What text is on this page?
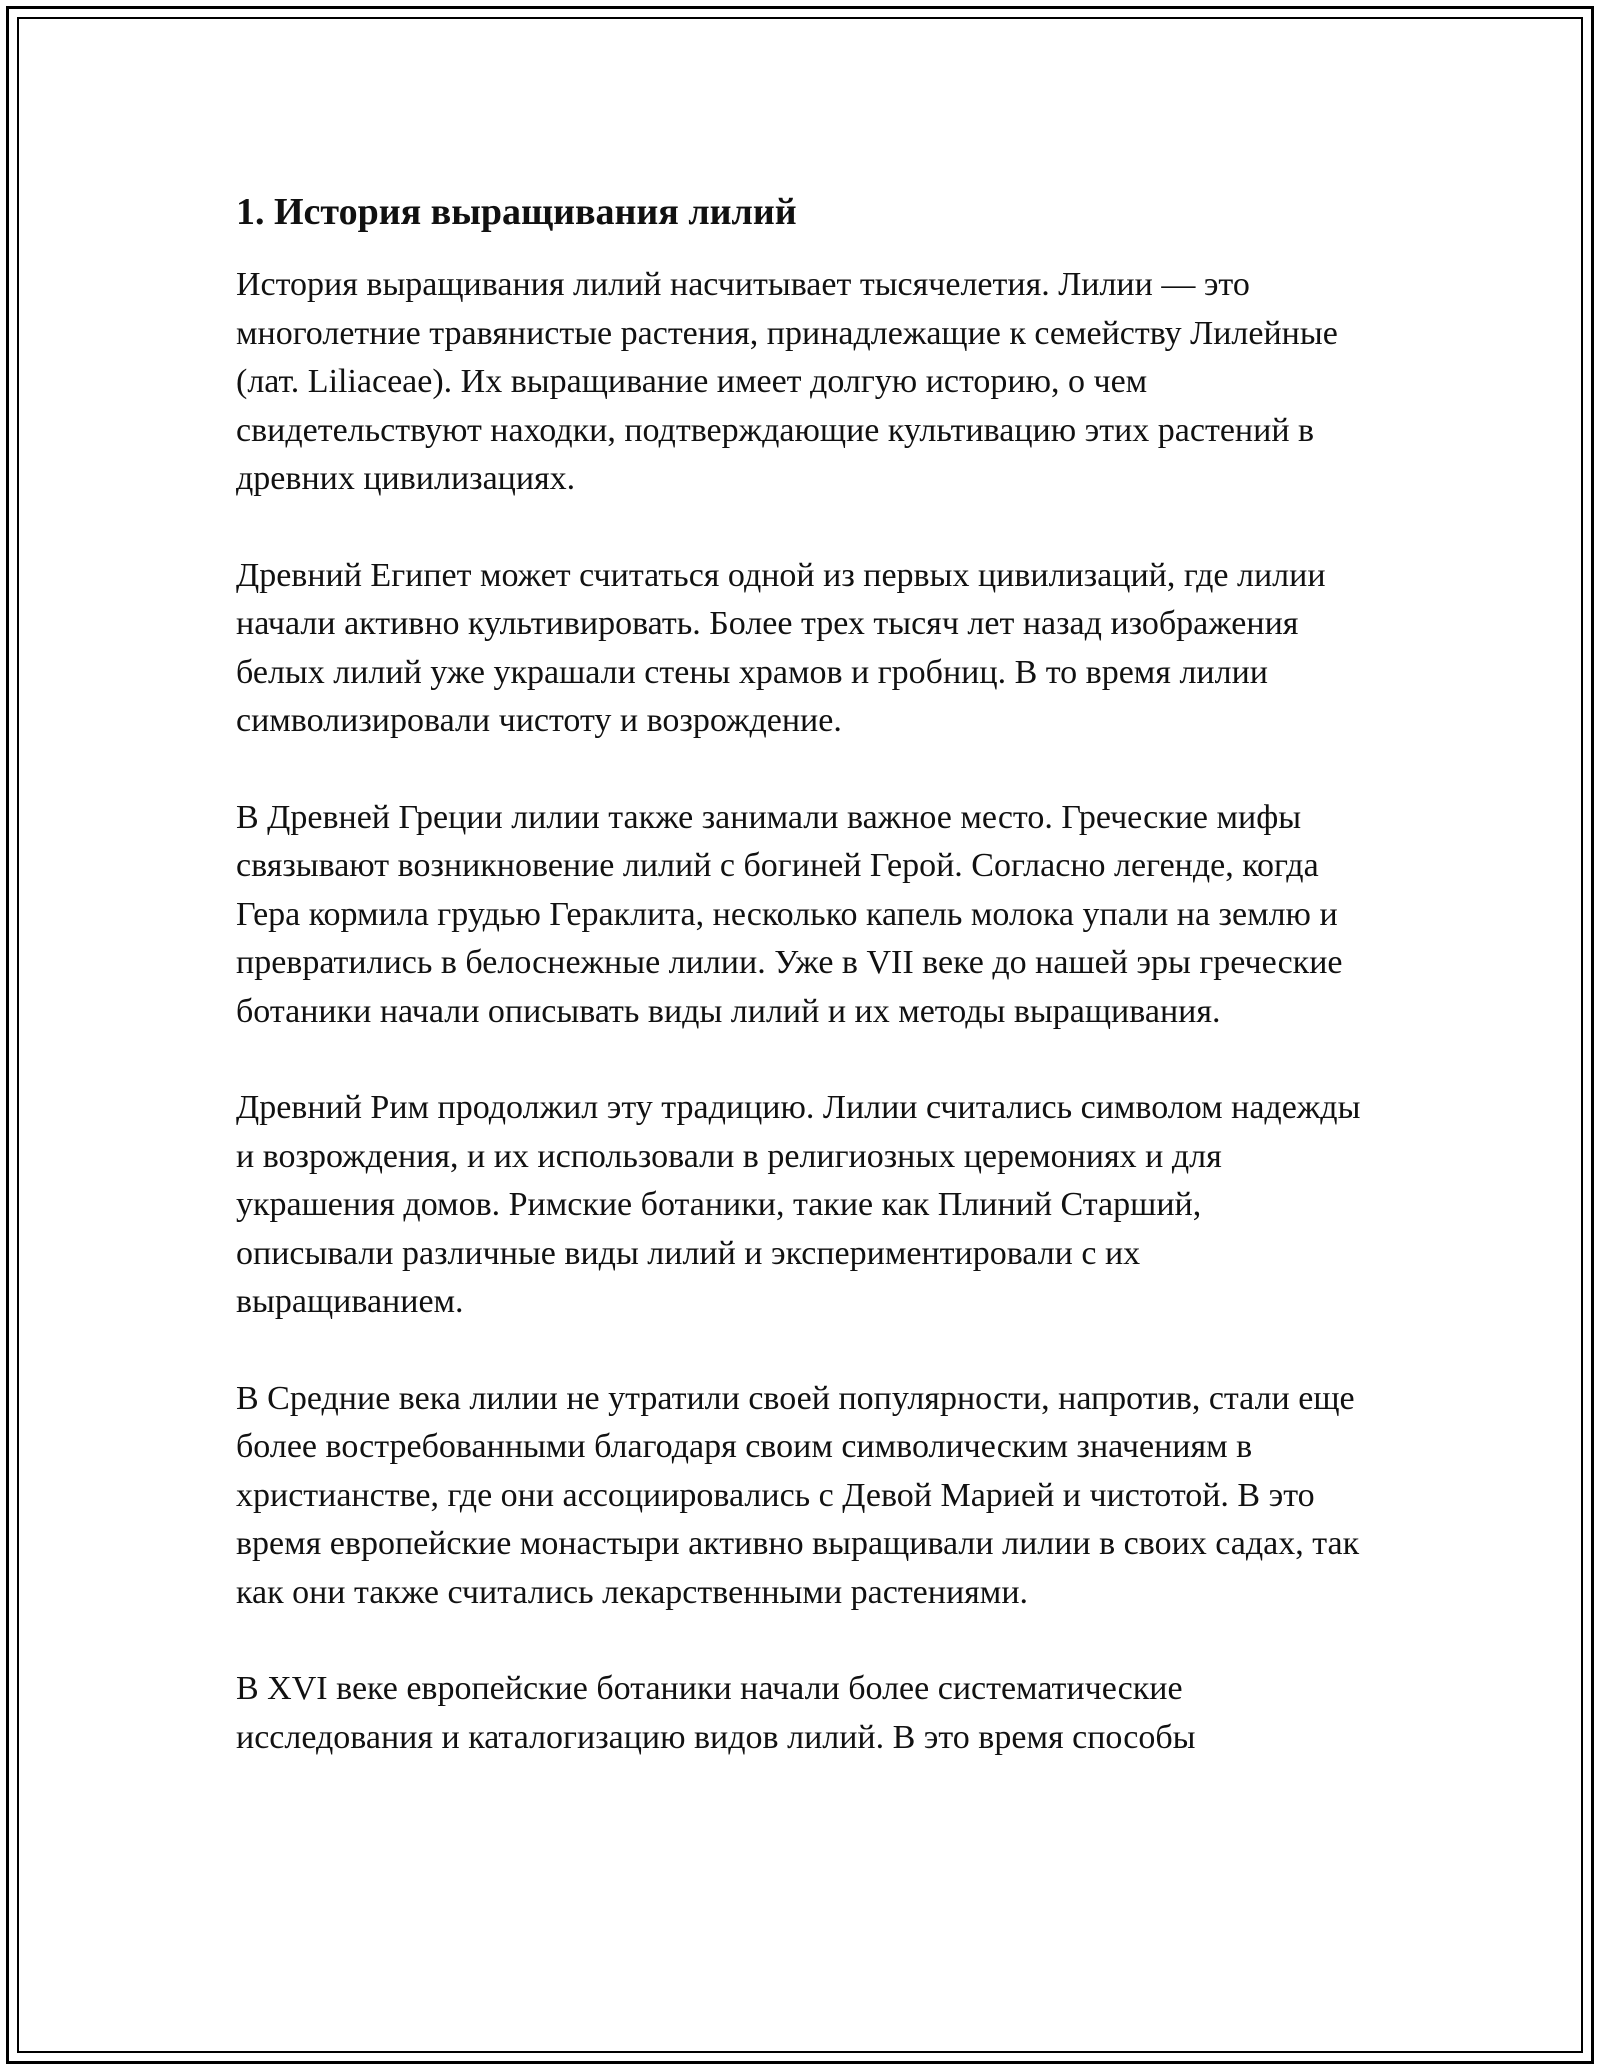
1. История выращивания лилий

История выращивания лилий насчитывает тысячелетия. Лилии — это многолетние травянистые растения, принадлежащие к семейству Лилейные (лат. Liliaceae). Их выращивание имеет долгую историю, о чем свидетельствуют находки, подтверждающие культивацию этих растений в древних цивилизациях.

Древний Египет может считаться одной из первых цивилизаций, где лилии начали активно культивировать. Более трех тысяч лет назад изображения белых лилий уже украшали стены храмов и гробниц. В то время лилии символизировали чистоту и возрождение.

В Древней Греции лилии также занимали важное место. Греческие мифы связывают возникновение лилий с богиней Герой. Согласно легенде, когда Гера кормила грудью Гераклита, несколько капель молока упали на землю и превратились в белоснежные лилии. Уже в VII веке до нашей эры греческие ботаники начали описывать виды лилий и их методы выращивания.

Древний Рим продолжил эту традицию. Лилии считались символом надежды и возрождения, и их использовали в религиозных церемониях и для украшения домов. Римские ботаники, такие как Плиний Старший, описывали различные виды лилий и экспериментировали с их выращиванием.

В Средние века лилии не утратили своей популярности, напротив, стали еще более востребованными благодаря своим символическим значениям в христианстве, где они ассоциировались с Девой Марией и чистотой. В это время европейские монастыри активно выращивали лилии в своих садах, так как они также считались лекарственными растениями.

В XVI веке европейские ботаники начали более систематические исследования и каталогизацию видов лилий. В это время способы
